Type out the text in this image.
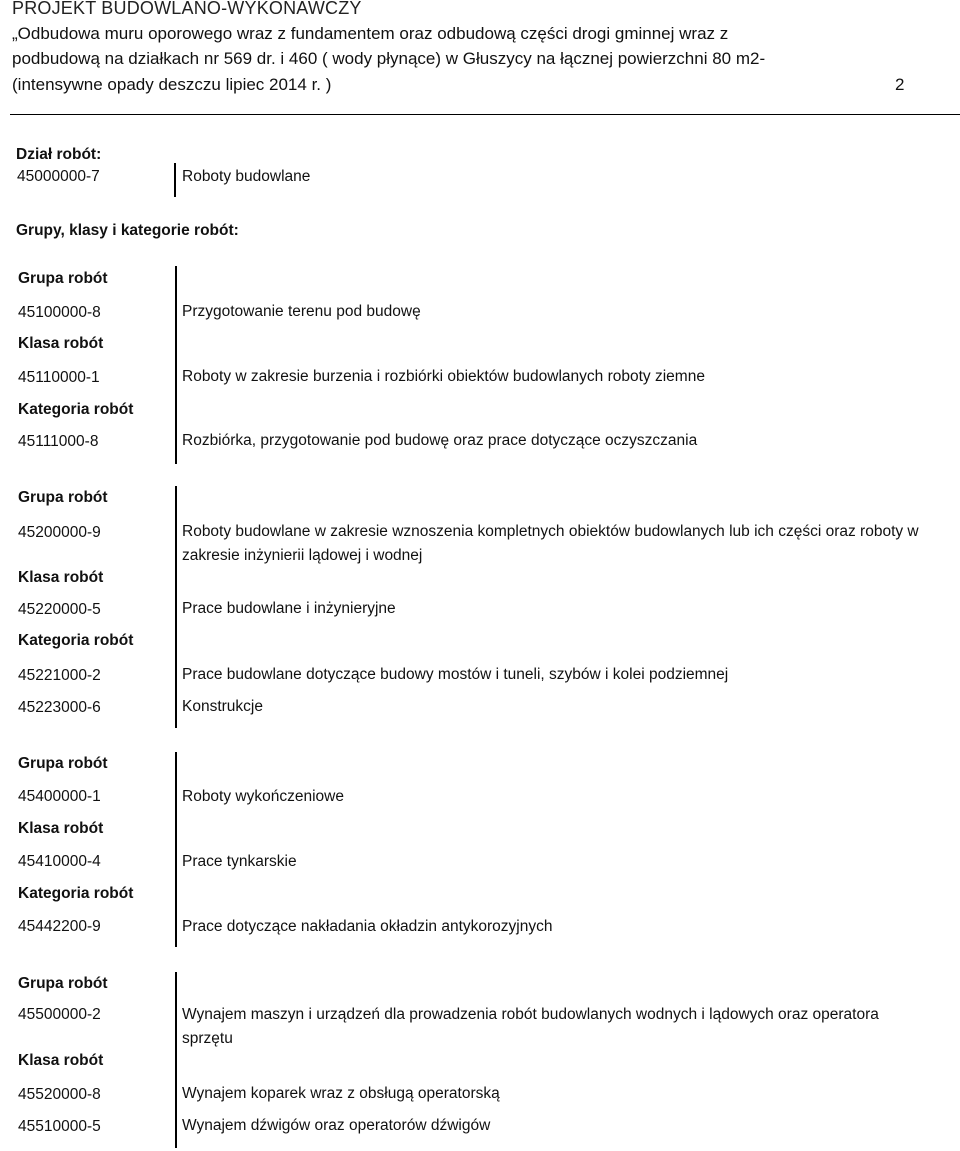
PROJEKT BUDOWLANO-WYKONAWCZY
„Odbudowa muru oporowego wraz z fundamentem oraz odbudową części drogi gminnej wraz z
podbudową na działkach nr 569 dr. i 460 ( wody płynące) w Głuszycy na łącznej powierzchni 80 m2-
(intensywne opady deszczu lipiec 2014 r. )	2
Dział robót:
45000000-7	Roboty budowlane
Grupy, klasy i kategorie robót:
Grupa robót
45100000-8
Klasa robót
45110000-1
Kategoria robót
45111000-8
Przygotowanie terenu pod budowę
Roboty w zakresie burzenia i rozbiórki obiektów budowlanych roboty ziemne
Rozbiórka, przygotowanie pod budowę oraz prace dotyczące oczyszczania
Grupa robót
45200000-9
Klasa robót
45220000-5
Kategoria robót
45221000-2
45223000-6
Roboty budowlane w zakresie wznoszenia kompletnych obiektów budowlanych lub ich części oraz roboty w zakresie inżynierii lądowej i wodnej
Prace budowlane i inżynieryjne
Prace budowlane dotyczące budowy mostów i tuneli, szybów i kolei podziemnej
Konstrukcje
Grupa robót
45400000-1
Klasa robót
45410000-4
Kategoria robót
45442200-9
Roboty wykończeniowe
Prace tynkarskie
Prace dotyczące nakładania okładzin antykorozyjnych
Grupa robót
45500000-2
Klasa robót
45520000-8
45510000-5
Wynajem maszyn i urządzeń dla prowadzenia robót budowlanych wodnych i lądowych oraz operatora sprzętu
Wynajem koparek wraz z obsługą operatorską
Wynajem dźwigów oraz operatorów dźwigów
